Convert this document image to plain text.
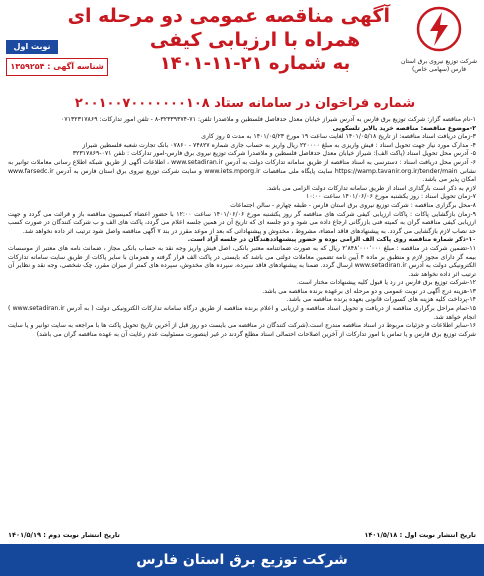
آگهی مناقصه عمومی دو مرحله ای
همراه با ارزیابی کیفی
به شماره ۲۱-۱۱-۱۴۰۱	شرکت توزیع نیروی برق استان فارس (سهامی خاص)
نوبت اول
شناسه آگهی : ۱۳۵۹۲۵۴
شماره فراخوان در سامانه ستاد ۲۰۰۱۰۰۷۰۰۰۰۰۰۰۱۰۸

۱-نام مناقصه گزار: شرکت توزیع برق فارس به آدرس شیراز خیابان معدل حدفاصل فلسطین و ملاصدرا تلفن: ۷۱-۳۲۳۳۹۳۷۴-۸ - تلفن امور تدارکات: ۰۷۱۳۲۳۱۷۸۶۹

۲-موضوع مناقصه: مناقصه خرید بالابر تلسکوپی

۳-زمان دریافت اسناد مناقصه: از تاریخ ۱۴۰۱/۰۵/۱۸ لغایت ساعت ۱۹ مورخ ۱۴۰۱/۰۵/۲۳ به مدت ۵ روز کاری

۴- مدارک مورد نیاز جهت تحویل اسناد : فیش واریزی به مبلغ ۲۲۰۰۰۰ ریال واریز به حساب جاری شماره ۷۴۸۲۷ - ۰۷۸۶۰ بانک تجارت شعبه فلسطین شیراز

۵- آدرس محل تحویل اسناد (پاکت الف): شیراز خیابان معدل حدفاصل فلسطین و ملاصدرا شرکت توزیع نیروی برق فارس-امور تدارکات : تلفن ۰۷۱-۳۲۳۱۷۸۶۹

۶- آدرس محل دریافت اسناد : دسترسی به اسناد مناقصه از طریق سامانه تدارکات دولت به آدرس www.setadiran.ir ، اطلاعات آگهی از طریق شبکه اطلاع رسانی معاملات توانیر به نشانی https://wamp.tavanir.org.ir/tender/main سایت پایگاه ملی مناقصات www.iets.mporg.ir و سایت شرکت توزیع نیروی برق استان فارس به آدرس www.farsedc.ir امکان پذیر می باشد.

لازم به ذکر است بارگذاری اسناد از طریق سامانه تدارکات دولت الزامی می باشد.

۷-زمان تحویل اسناد : روز یکشنبه مورخ ۱۴۰۱/۰۶/۰۶ ساعت ۱۰:۰۰

۸-محل برگزاری مناقصه : شرکت توزیع نیروی برق استان فارس - طبقه چهارم - سالن اجتماعات

۹-زمان بازگشایی پاکات : پاکات ارزیابی کیفی شرکت های مناقصه گر روز یکشنبه مورخ ۱۴۰۱/۰۶/۰۶ ساعت ۱۲:۰۰ با حضور اعضاء کمیسیون مناقصه باز و قرائت می گردد و جهت ارزیابی کیفی مناقصه گران به کمیته فنی بازرگانی ارجاع داده می شود و دو جلسه ای که تاریخ آن در همین جلسه اعلام می گردد، پاکت های الف و ب شرکت کنندگان در صورت کسب حد نصاب لازم بازگشایی می گردد. به پیشنهادهای فاقد امضاء، مشروط ، مخدوش و پیشنهاداتی که بعد از موعد مقرر در بند ۷ آگهی مناقصه واصل شود ترتیب اثر داده نخواهد شد.

۱۰-ذکر شماره مناقصه روی پاکت الف الزامی بوده و حضور پیشنهاددهندگان در جلسه آزاد است.

۱۱-تضمین شرکت در مناقصه : مبلغ ۲٬۸۴۸٬۰۰۰٬۰۰۰ ریال که به صورت ضمانتنامه معتبر بانکی، اصل فیش واریز وجه نقد به حساب بانکی مجاز ، ضمانت نامه های معتبر از موسسات بیمه گر دارای مجوز لازم و منطبق بر ماده ۴ آیین نامه تضمین معاملات دولتی می باشد که بایستی در پاکت الف قرار گرفته و همزمان با سایر پاکات از طریق سایت سامانه تدارکات الکترونیکی دولت به آدرس www.setadiran.ir ارسال گردد. ضمنا به پیشنهادهای فاقد سپرده، سپرده های مخدوش، سپرده های کمتر از میزان مقرر، چک شخصی، وجه نقد و نظایر آن ترتیب اثر داده نخواهد شد.

۱۲-شرکت توزیع برق فارس در رد یا قبول کلیه پیشنهادات مختار است.

۱۳-هزینه درج آگهی در نوبت عمومی و دو مرحله ای برعهده برنده مناقصه می باشد.

۱۴-پرداخت کلیه هزینه های کسورات قانونی بعهده برنده مناقصه می باشد.

۱۵-تمام مراحل برگزاری مناقصه از دریافت و تحویل اسناد مناقصه و ارزیابی و اعلام برنده مناقصه از طریق درگاه سامانه تدارکات الکترونیکی دولت ( به آدرس www.setadiran.ir ) انجام خواهد شد.

۱۶-سایر اطلاعات و جزئیات مربوط در اسناد مناقصه مندرج است.(شرکت کنندگان در مناقصه می بایست دو روز قبل از آخرین تاریخ تحویل پاکت ها با مراجعه به سایت توانیر و یا سایت شرکت توزیع برق فارس و یا تماس با امور تدارکات از آخرین اصلاحات احتمالی اسناد مطلع گردند در غیر اینصورت مسئولیت عدم رعایت آن به عهده مناقصه گران می باشد)

تاریخ انتشار نوبت اول : ۱۴۰۱/۵/۱۸
تاریخ انتشار نوبت دوم : ۱۴۰۱/۵/۱۹
شرکت توزیع برق استان فارس
